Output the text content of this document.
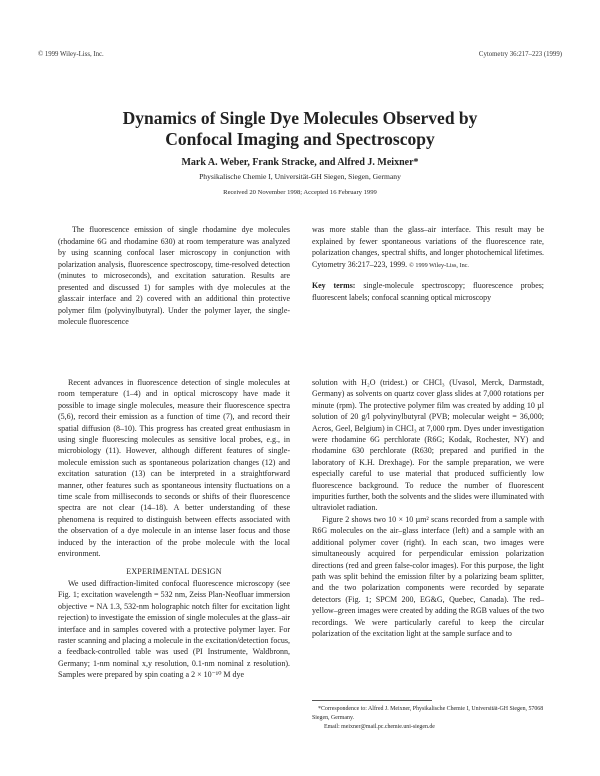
© 1999 Wiley-Liss, Inc.	Cytometry 36:217–223 (1999)
Dynamics of Single Dye Molecules Observed by
Confocal Imaging and Spectroscopy
Mark A. Weber, Frank Stracke, and Alfred J. Meixner*
Physikalische Chemie I, Universität-GH Siegen, Siegen, Germany
Received 20 November 1998; Accepted 16 February 1999

The fluorescence emission of single rhodamine dye molecules (rhodamine 6G and rhodamine 630) at room temperature was analyzed by using scanning confocal laser microscopy in conjunction with polarization analysis, fluorescence spectroscopy, time-resolved detection (minutes to microseconds), and excitation saturation. Results are presented and discussed 1) for samples with dye molecules at the glass:air interface and 2) covered with an additional thin protective polymer film (polyvinylbutyral). Under the polymer layer, the single-molecule fluorescence

was more stable than the glass–air interface. This result may be explained by fewer spontaneous variations of the fluorescence rate, polarization changes, spectral shifts, and longer photochemical lifetimes. Cytometry 36:217–223, 1999. © 1999 Wiley-Liss, Inc.

Key terms: single-molecule spectroscopy; fluorescence probes; fluorescent labels; confocal scanning optical microscopy

Recent advances in fluorescence detection of single molecules at room temperature (1–4) and in optical microscopy have made it possible to image single molecules, measure their fluorescence spectra (5,6), record their emission as a function of time (7), and record their spatial diffusion (8–10). This progress has created great enthusiasm in using single fluorescing molecules as sensitive local probes, e.g., in microbiology (11). However, although different features of single-molecule emission such as spontaneous polarization changes (12) and excitation saturation (13) can be interpreted in a straightforward manner, other features such as spontaneous intensity fluctuations on a time scale from milliseconds to seconds or shifts of their fluorescence spectra are not clear (14–18). A better understanding of these phenomena is required to distinguish between effects associated with the observation of a dye molecule in an intense laser focus and those induced by the interaction of the probe molecule with the local environment.

EXPERIMENTAL DESIGN

We used diffraction-limited confocal fluorescence microscopy (see Fig. 1; excitation wavelength = 532 nm, Zeiss Plan-Neofluar immersion objective = NA 1.3, 532-nm holographic notch filter for excitation light rejection) to investigate the emission of single molecules at the glass–air interface and in samples covered with a protective polymer layer. For raster scanning and placing a molecule in the excitation/detection focus, a feedback-controlled table was used (PI Instrumente, Waldbronn, Germany; 1-nm nominal x,y resolution, 0.1-nm nominal z resolution). Samples were prepared by spin coating a 2 × 10⁻¹⁰ M dye

solution with H₂O (tridest.) or CHCl₃ (Uvasol, Merck, Darmstadt, Germany) as solvents on quartz cover glass slides at 7,000 rotations per minute (rpm). The protective polymer film was created by adding 10 µl solution of 20 g/l polyvinylbutyral (PVB; molecular weight = 36,000; Acros, Geel, Belgium) in CHCl₃ at 7,000 rpm. Dyes under investigation were rhodamine 6G perchlorate (R6G; Kodak, Rochester, NY) and rhodamine 630 perchlorate (R630; prepared and purified in the laboratory of K.H. Drexhage). For the sample preparation, we were especially careful to use material that produced sufficiently low fluorescence background. To reduce the number of fluorescent impurities further, both the solvents and the slides were illuminated with ultraviolet radiation.

Figure 2 shows two 10 × 10 µm² scans recorded from a sample with R6G molecules on the air–glass interface (left) and a sample with an additional polymer cover (right). In each scan, two images were simultaneously acquired for perpendicular emission polarization directions (red and green false-color images). For this purpose, the light path was split behind the emission filter by a polarizing beam splitter, and the two polarization components were recorded by separate detectors (Fig. 1; SPCM 200, EG&G, Quebec, Canada). The red–yellow–green images were created by adding the RGB values of the two recordings. We were particularly careful to keep the circular polarization of the excitation light at the sample surface and to

*Correspondence to: Alfred J. Meixner, Physikalische Chemie I, Universität-GH Siegen, 57068 Siegen, Germany.

Email: meixner@mail.pc.chemie.uni-siegen.de
